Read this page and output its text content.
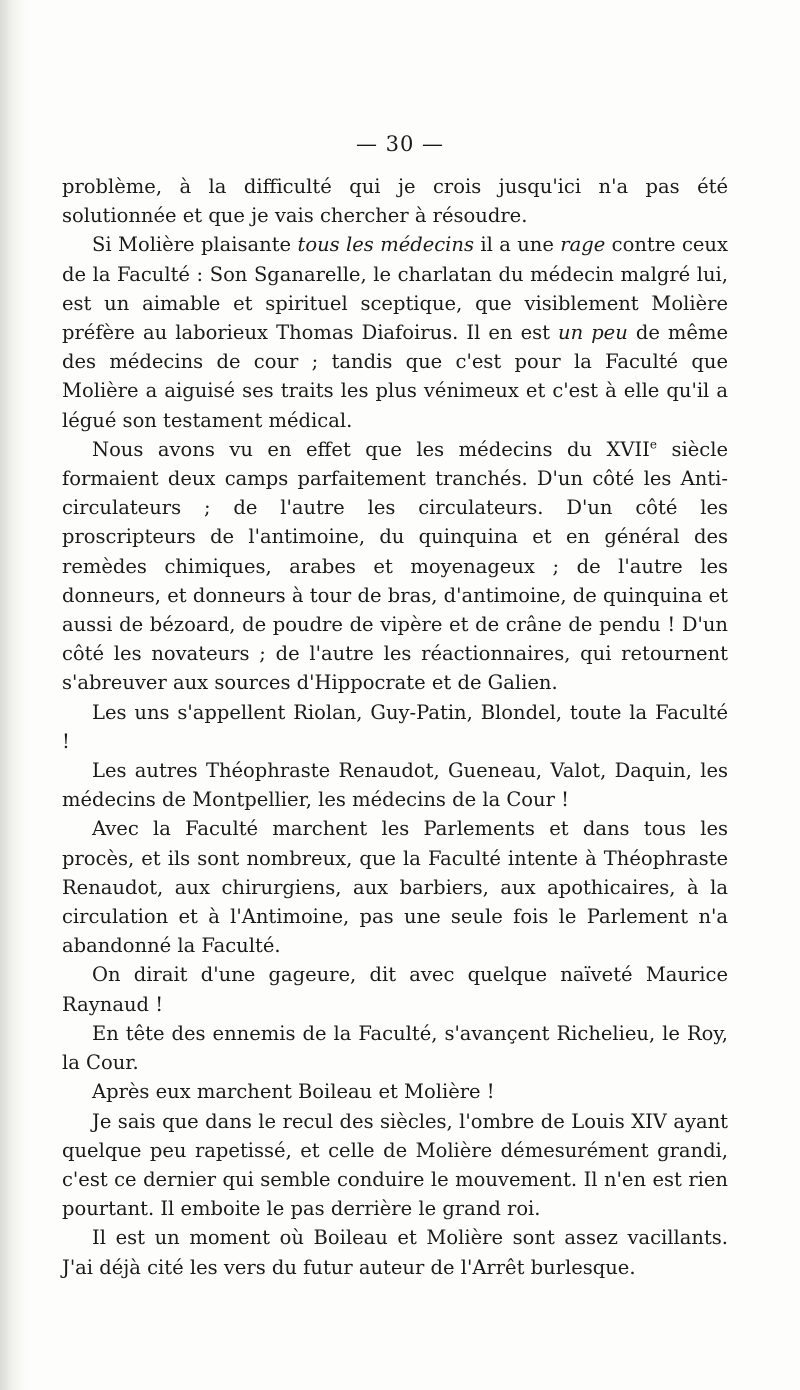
— 30 —

problème, à la difficulté qui je crois jusqu'ici n'a pas été solutionnée et que je vais chercher à résoudre.

Si Molière plaisante tous les médecins il a une rage contre ceux de la Faculté : Son Sganarelle, le charlatan du médecin malgré lui, est un aimable et spirituel sceptique, que visiblement Molière préfère au laborieux Thomas Diafoirus. Il en est un peu de même des médecins de cour ; tandis que c'est pour la Faculté que Molière a aiguisé ses traits les plus vénimeux et c'est à elle qu'il a légué son testament médical.

Nous avons vu en effet que les médecins du XVIIe siècle formaient deux camps parfaitement tranchés. D'un côté les Anti-circulateurs ; de l'autre les circulateurs. D'un côté les proscripteurs de l'antimoine, du quinquina et en général des remèdes chimiques, arabes et moyenageux ; de l'autre les donneurs, et donneurs à tour de bras, d'antimoine, de quinquina et aussi de bézoard, de poudre de vipère et de crâne de pendu ! D'un côté les novateurs ; de l'autre les réactionnaires, qui retournent s'abreuver aux sources d'Hippocrate et de Galien.

Les uns s'appellent Riolan, Guy-Patin, Blondel, toute la Faculté !

Les autres Théophraste Renaudot, Gueneau, Valot, Daquin, les médecins de Montpellier, les médecins de la Cour !

Avec la Faculté marchent les Parlements et dans tous les procès, et ils sont nombreux, que la Faculté intente à Théophraste Renaudot, aux chirurgiens, aux barbiers, aux apothicaires, à la circulation et à l'Antimoine, pas une seule fois le Parlement n'a abandonné la Faculté.

On dirait d'une gageure, dit avec quelque naïveté Maurice Raynaud !

En tête des ennemis de la Faculté, s'avançent Richelieu, le Roy, la Cour.

Après eux marchent Boileau et Molière !

Je sais que dans le recul des siècles, l'ombre de Louis XIV ayant quelque peu rapetissé, et celle de Molière démesurément grandi, c'est ce dernier qui semble conduire le mouvement. Il n'en est rien pourtant. Il emboite le pas derrière le grand roi.

Il est un moment où Boileau et Molière sont assez vacillants. J'ai déjà cité les vers du futur auteur de l'Arrêt burlesque.
